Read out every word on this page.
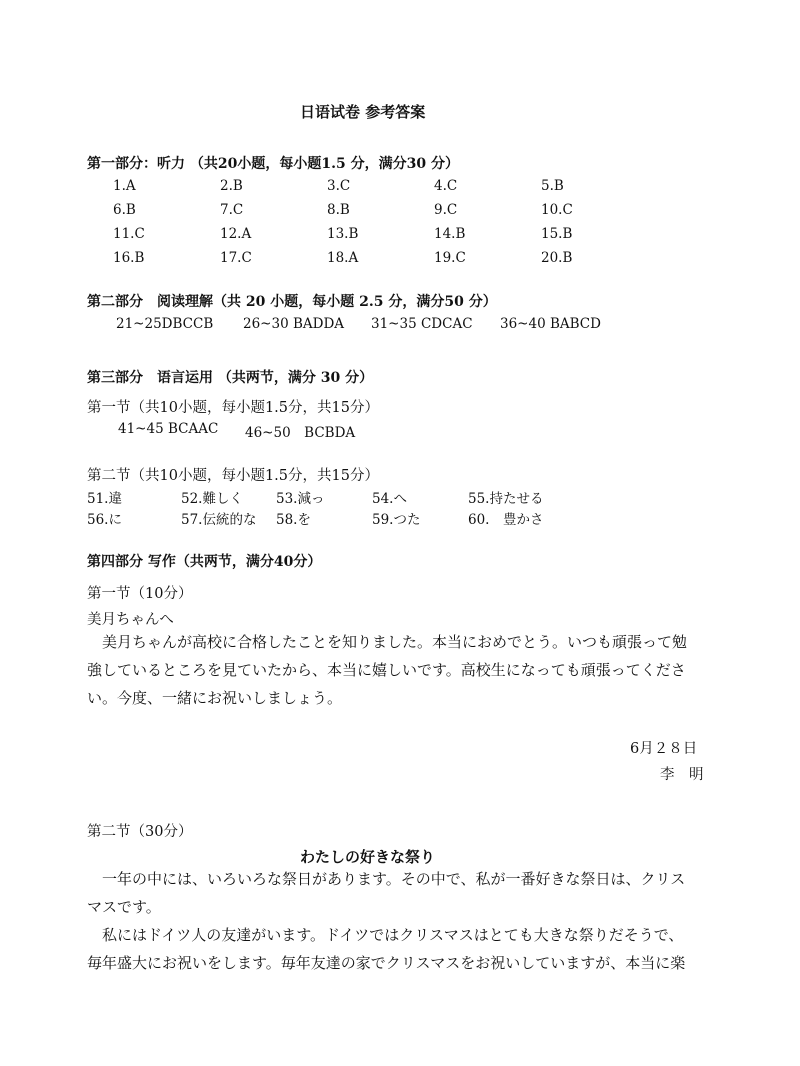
日语试卷 参考答案
第一部分：听力 （共20小题，每小题1.5 分，满分30 分）
1.A	2.B	3.C	4.C	5.B
6.B	7.C	8.B	9.C	10.C
11.C	12.A	13.B	14.B	15.B
16.B	17.C	18.A	19.C	20.B
第二部分　阅读理解（共 20 小题，每小题 2.5 分，满分50 分）
21~25DBCCB 26~30 BADDA 31~35 CDCAC 36~40 BABCD
第三部分　语言运用 （共两节，满分 30 分）
第一节（共10小题，每小题1.5分，共15分）
41~45 BCAAC 46~50　BCBDA
第二节（共10小题，每小题1.5分，共15分）
51.違	52.難しく 53.減っ	54.へ	55.持たせる
56.に	57.伝統的な 58.を	59.つた	60.　豊かさ
第四部分 写作（共两节，满分40分）
第一节（10分）
美月ちゃんへ
美月ちゃんが高校に合格したことを知りました。本当におめでとう。いつも頑張って勉
強しているところを見ていたから、本当に嬉しいです。高校生になっても頑張ってくださ
い。今度、一緒にお祝いしましょう。
6月２８日
李　明
第二节（30分）
わたしの好きな祭り
一年の中には、いろいろな祭日があります。その中で、私が一番好きな祭日は、クリス
マスです。
私にはドイツ人の友達がいます。ドイツではクリスマスはとても大きな祭りだそうで、
毎年盛大にお祝いをします。毎年友達の家でクリスマスをお祝いしていますが、本当に楽
